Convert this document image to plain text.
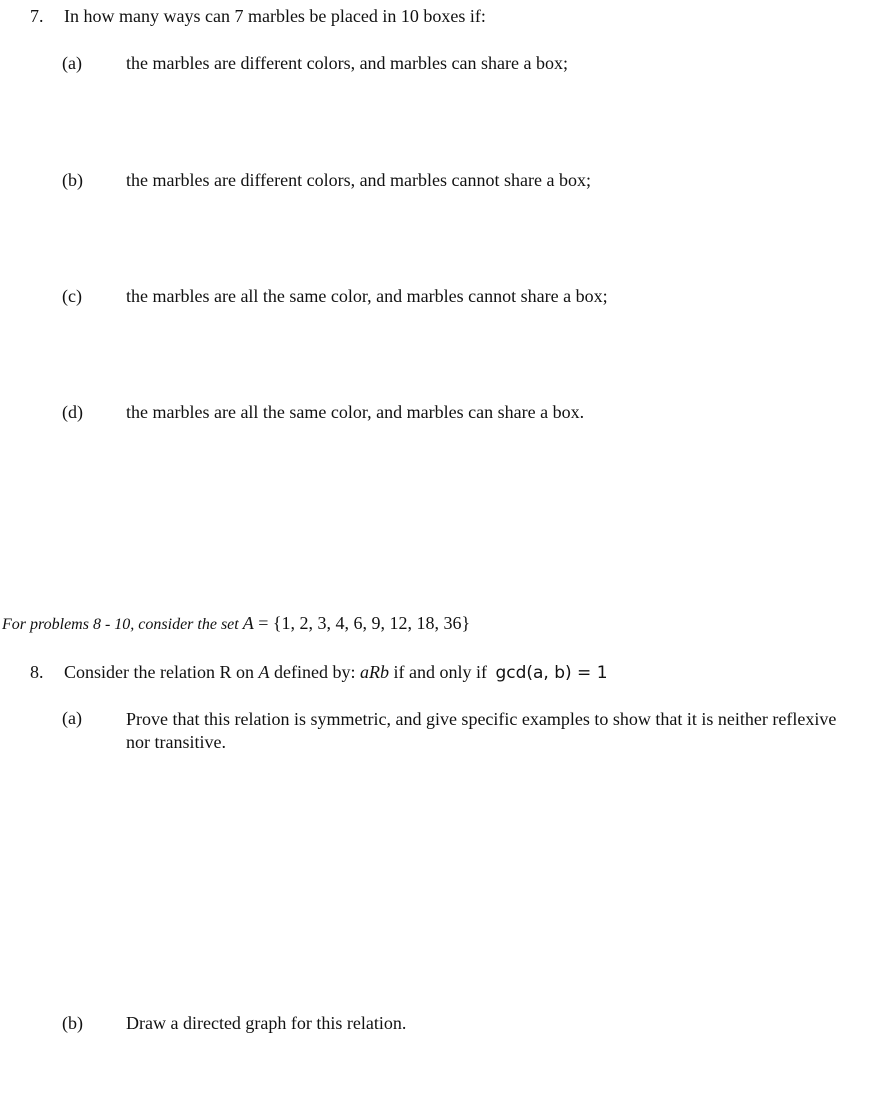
7. In how many ways can 7 marbles be placed in 10 boxes if:
(a) the marbles are different colors, and marbles can share a box;
(b) the marbles are different colors, and marbles cannot share a box;
(c) the marbles are all the same color, and marbles cannot share a box;
(d) the marbles are all the same color, and marbles can share a box.
For problems 8 - 10, consider the set A = {1, 2, 3, 4, 6, 9, 12, 18, 36}
8. Consider the relation R on A defined by: aRb if and only if gcd(a, b) = 1
(a) Prove that this relation is symmetric, and give specific examples to show that it is neither reflexive nor transitive.
(b) Draw a directed graph for this relation.
